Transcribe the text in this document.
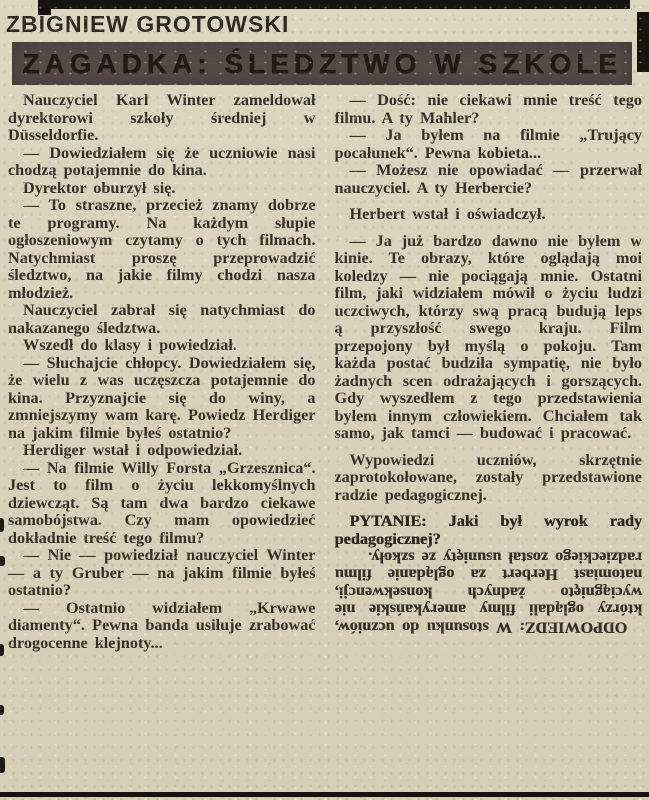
ZBIGNIEW GROTOWSKI
ZAGADKA: ŚLEDZTWO W SZKOLE

Nauczyciel Karl Winter zameldował dyrektorowi szkoły średniej w Düsseldorfie.

— Dowiedziałem się że uczniowie nasi chodzą potajemnie do kina.

Dyrektor oburzył się.

— To straszne, przecież znamy dobrze te programy. Na każdym słupie ogłoszeniowym czytamy o tych filmach. Natychmiast proszę przeprowadzić śledztwo, na jakie filmy chodzi nasza młodzież.

Nauczyciel zabrał się natychmiast do nakazanego śledztwa.

Wszedł do klasy i powiedział.

— Słuchajcie chłopcy. Dowiedziałem się, że wielu z was uczęszcza potajemnie do kina. Przyznajcie się do winy, a zmniejszymy wam karę. Powiedz Herdiger na jakim filmie byłeś ostatnio?

Herdiger wstał i odpowiedział.

— Na filmie Willy Forsta „Grzesznica“. Jest to film o życiu lekkomyślnych dziewcząt. Są tam dwa bardzo ciekawe samobójstwa. Czy mam opowiedzieć dokładnie treść tego filmu?

— Nie — powiedział nauczyciel Winter — a ty Gruber — na jakim filmie byłeś ostatnio?

— Ostatnio widziałem „Krwawe diamenty“. Pewna banda usiłuje zrabować drogocenne klejnoty...

— Dość: nie ciekawi mnie treść tego filmu. A ty Mahler?

— Ja byłem na filmie „Trujący pocałunek“. Pewna kobieta...

— Możesz nie opowiadać — przerwał nauczyciel. A ty Herbercie?

Herbert wstał i oświadczył.

— Ja już bardzo dawno nie byłem w kinie. Te obrazy, które oglądają moi koledzy — nie pociągają mnie. Ostatni film, jaki widziałem mówił o życiu ludzi uczciwych, którzy swą pracą budują leps ą przyszłość swego kraju. Film przepojony był myślą o pokoju. Tam każda postać budziła sympatię, nie było żadnych scen odrażających i gorszących. Gdy wyszedłem z tego przedstawienia byłem innym człowiekiem. Chciałem tak samo, jak tamci — budować i pracować.

Wypowiedzi uczniów, skrzętnie zaprotokołowane, zostały przedstawione radzie pedagogicznej.

PYTANIE: Jaki był wyrok rady pedagogicznej?

ODPOWIEDZ: W stosunku do uczniów, którzy oglądali filmy amerykańskie nie wyciągnięto żadnych konsekwencji, natomiast Herbert za oglądanie filmu radzieckiego został usunięty ze szkoły.
